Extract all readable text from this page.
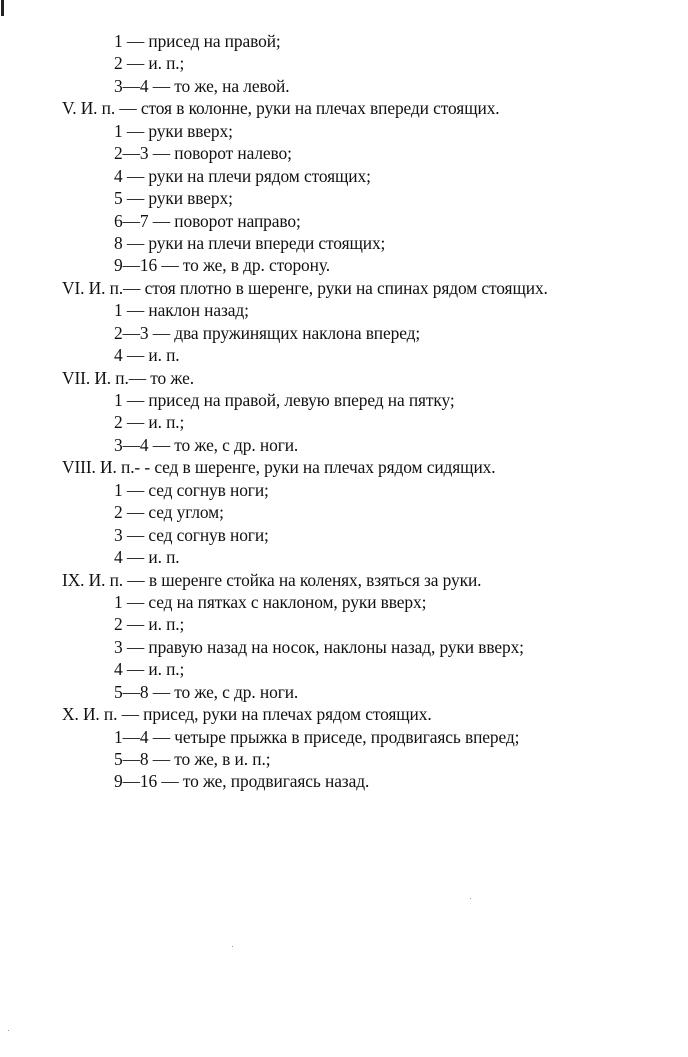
1 — присед на правой;
2 — и. п.;
3—4 — то же, на левой.
V. И. п. — стоя в колонне, руки на плечах впереди стоящих.
1 — руки вверх;
2—3 — поворот налево;
4 — руки на плечи рядом стоящих;
5 — руки вверх;
6—7 — поворот направо;
8 — руки на плечи впереди стоящих;
9—16 — то же, в др. сторону.
VI. И. п.— стоя плотно в шеренге, руки на спинах рядом стоящих.
1 — наклон назад;
2—3 — два пружинящих наклона вперед;
4 — и. п.
VII. И. п.— то же.
1 — присед на правой, левую вперед на пятку;
2 — и. п.;
3—4 — то же, с др. ноги.
VIII. И. п.- - сед в шеренге, руки на плечах рядом сидящих.
1 — сед согнув ноги;
2 — сед углом;
3 — сед согнув ноги;
4 — и. п.
IX. И. п. — в шеренге стойка на коленях, взяться за руки.
1 — сед на пятках с наклоном, руки вверх;
2 — и. п.;
3 — правую назад на носок, наклоны назад, руки вверх;
4 — и. п.;
5—8 — то же, с др. ноги.
X. И. п. — присед, руки на плечах рядом стоящих.
1—4 — четыре прыжка в приседе, продвигаясь вперед;
5—8 — то же, в и. п.;
9—16 — то же, продвигаясь назад.
